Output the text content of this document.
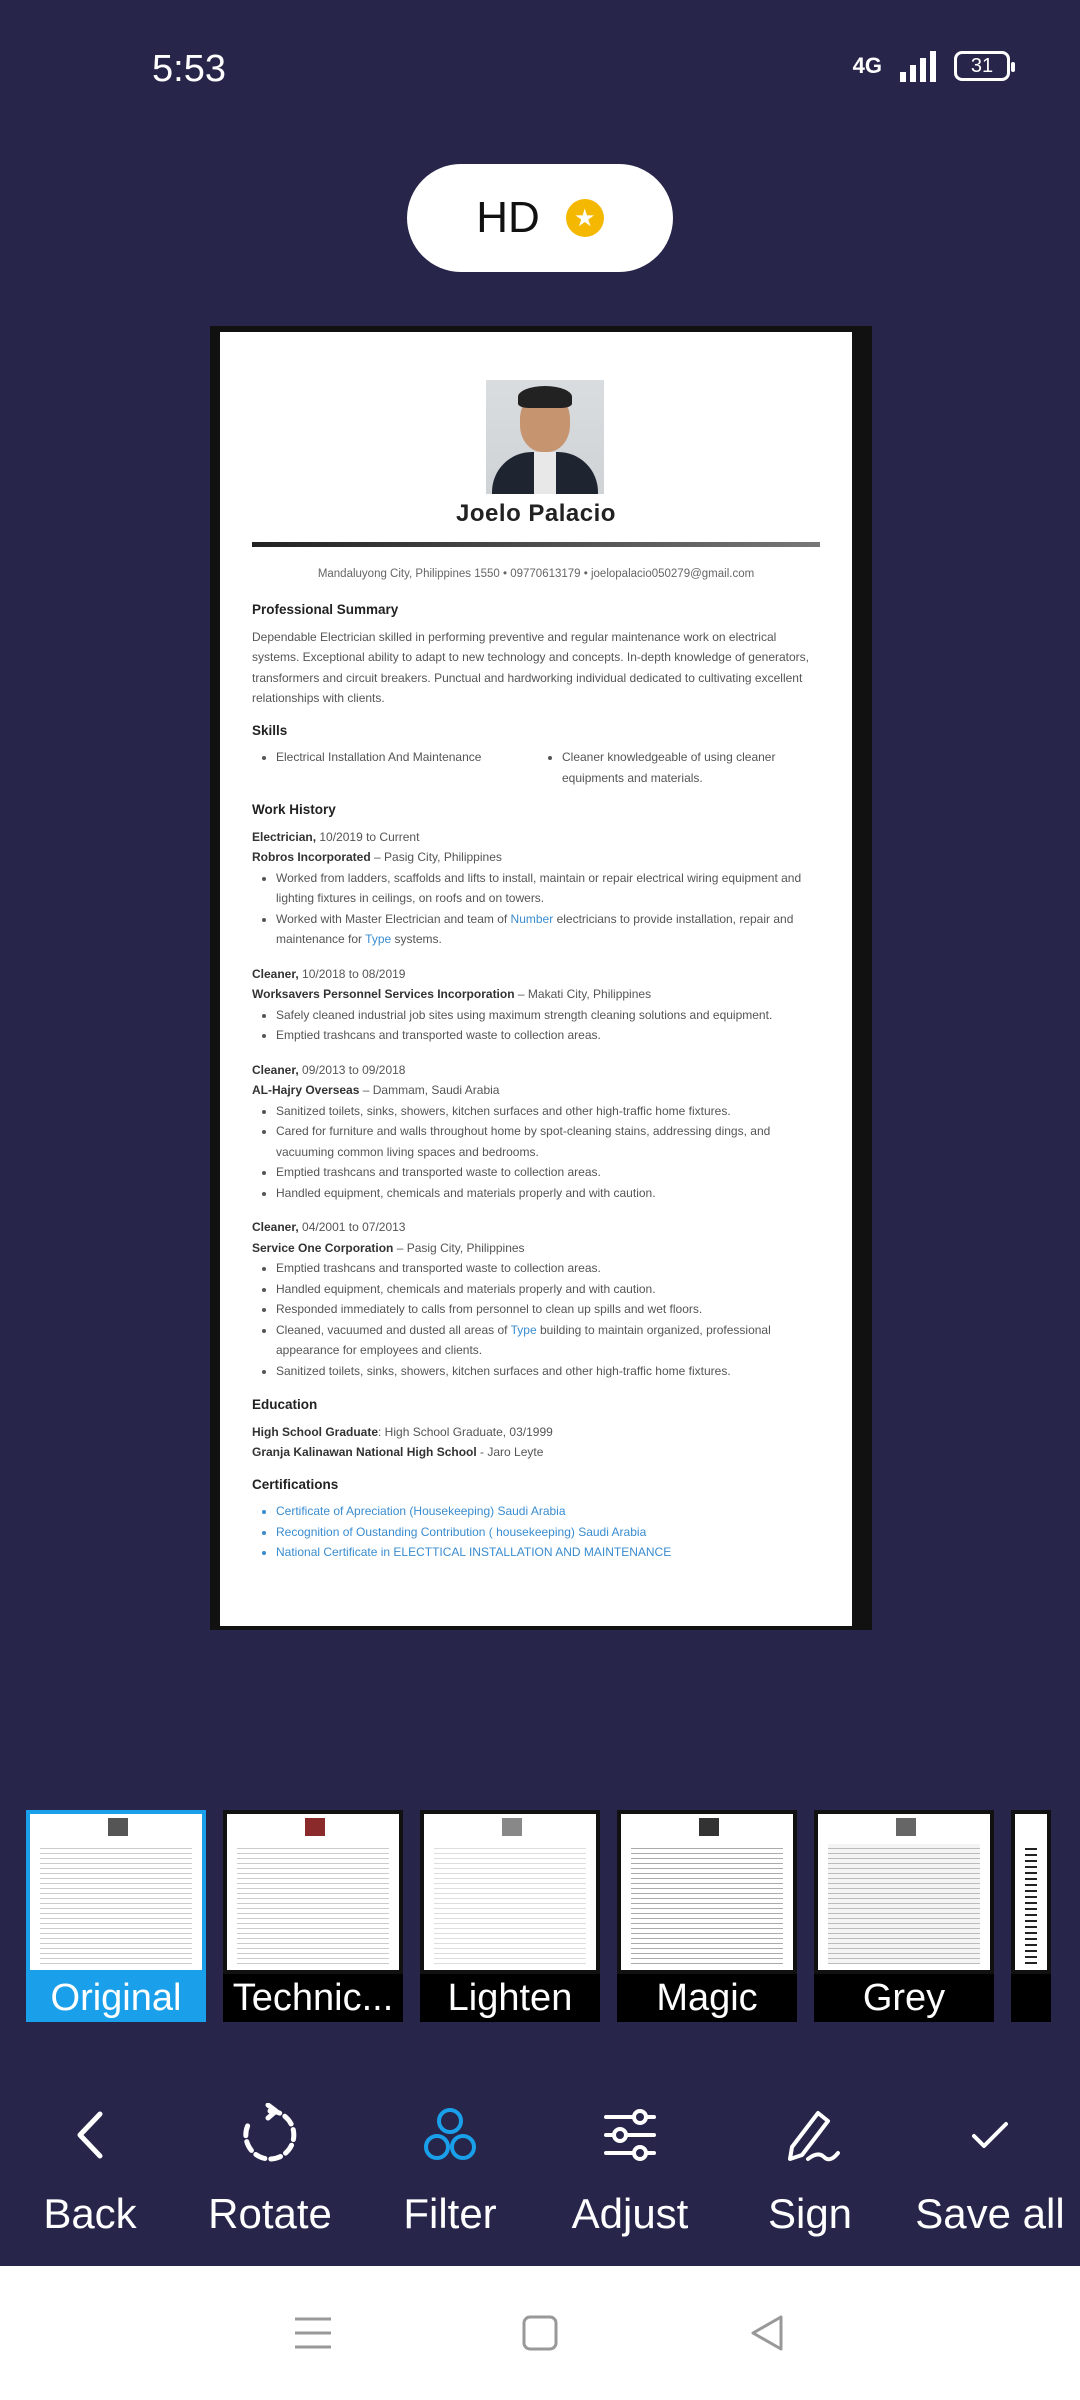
5:53	4G	31
HD	★
Joelo Palacio
Mandaluyong City, Philippines 1550 • 09770613179 • joelopalacio050279@gmail.com
Professional Summary
Dependable Electrician skilled in performing preventive and regular maintenance work on electrical systems. Exceptional ability to adapt to new technology and concepts. In-depth knowledge of generators, transformers and circuit breakers. Punctual and hardworking individual dedicated to cultivating excellent relationships with clients.
Skills
• Electrical Installation And Maintenance
•	Cleaner knowledgeable of using cleaner equipments and materials.
Work History
Electrician, 10/2019 to Current
Robros Incorporated – Pasig City, Philippines
• Worked from ladders, scaffolds and lifts to install, maintain or repair electrical wiring equipment and lighting fixtures in ceilings, on roofs and on towers.
• Worked with Master Electrician and team of Number electricians to provide installation, repair and maintenance for Type systems.
Cleaner, 10/2018 to 08/2019
Worksavers Personnel Services Incorporation – Makati City, Philippines
• Safely cleaned industrial job sites using maximum strength cleaning solutions and equipment.
• Emptied trashcans and transported waste to collection areas.
Cleaner, 09/2013 to 09/2018
AL-Hajry Overseas – Dammam, Saudi Arabia
• Sanitized toilets, sinks, showers, kitchen surfaces and other high-traffic home fixtures.
• Cared for furniture and walls throughout home by spot-cleaning stains, addressing dings, and vacuuming common living spaces and bedrooms.
• Emptied trashcans and transported waste to collection areas.
• Handled equipment, chemicals and materials properly and with caution.
Cleaner, 04/2001 to 07/2013
Service One Corporation – Pasig City, Philippines
• Emptied trashcans and transported waste to collection areas.
• Handled equipment, chemicals and materials properly and with caution.
• Responded immediately to calls from personnel to clean up spills and wet floors.
• Cleaned, vacuumed and dusted all areas of Type building to maintain organized, professional appearance for employees and clients.
• Sanitized toilets, sinks, showers, kitchen surfaces and other high-traffic home fixtures.
Education
High School Graduate: High School Graduate, 03/1999
Granja Kalinawan National High School - Jaro Leyte
Certifications
• Certificate of Apreciation (Housekeeping) Saudi Arabia
• Recognition of Oustanding Contribution ( housekeeping) Saudi Arabia
• National Certificate in ELECTTICAL INSTALLATION AND MAINTENANCE
Original	Technic...	Lighten	Magic	Grey
Back	Rotate	Filter	Adjust	Sign	Save all
